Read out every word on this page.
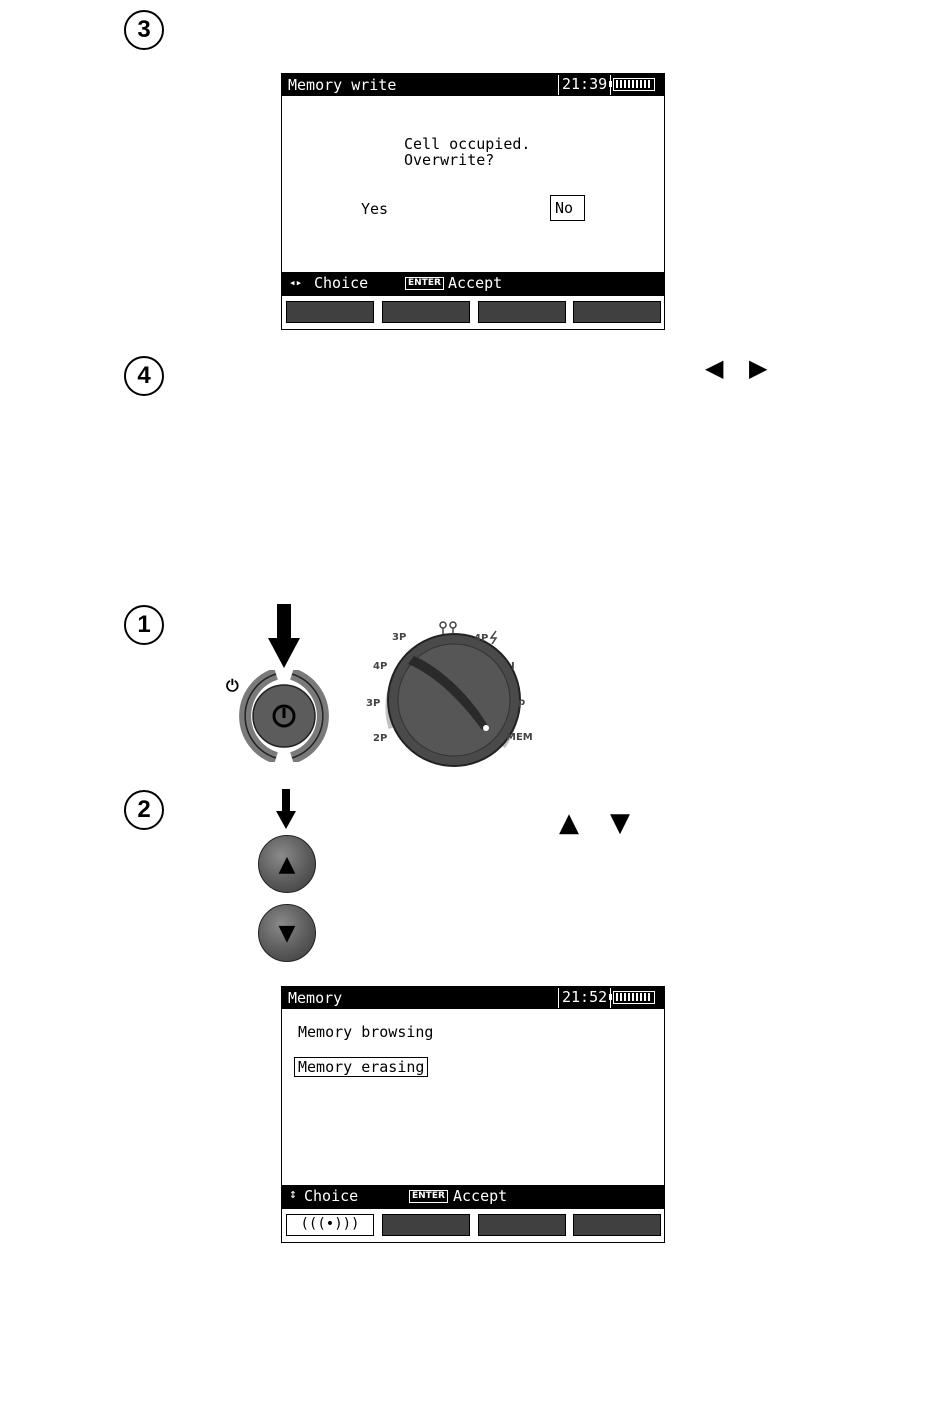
3
Memory write	21:39
Cell occupied.
Overwrite?
Yes	No
◂▸ Choice	ENTER Accept
4	◀ ▶
1
⏻
3P
4P
3P
2P
I
ρ
MEM
4P
2
▲
▼
▲ ▼
Memory	21:52
Memory browsing
Memory erasing
↕ Choice	ENTER Accept
(((•)))
